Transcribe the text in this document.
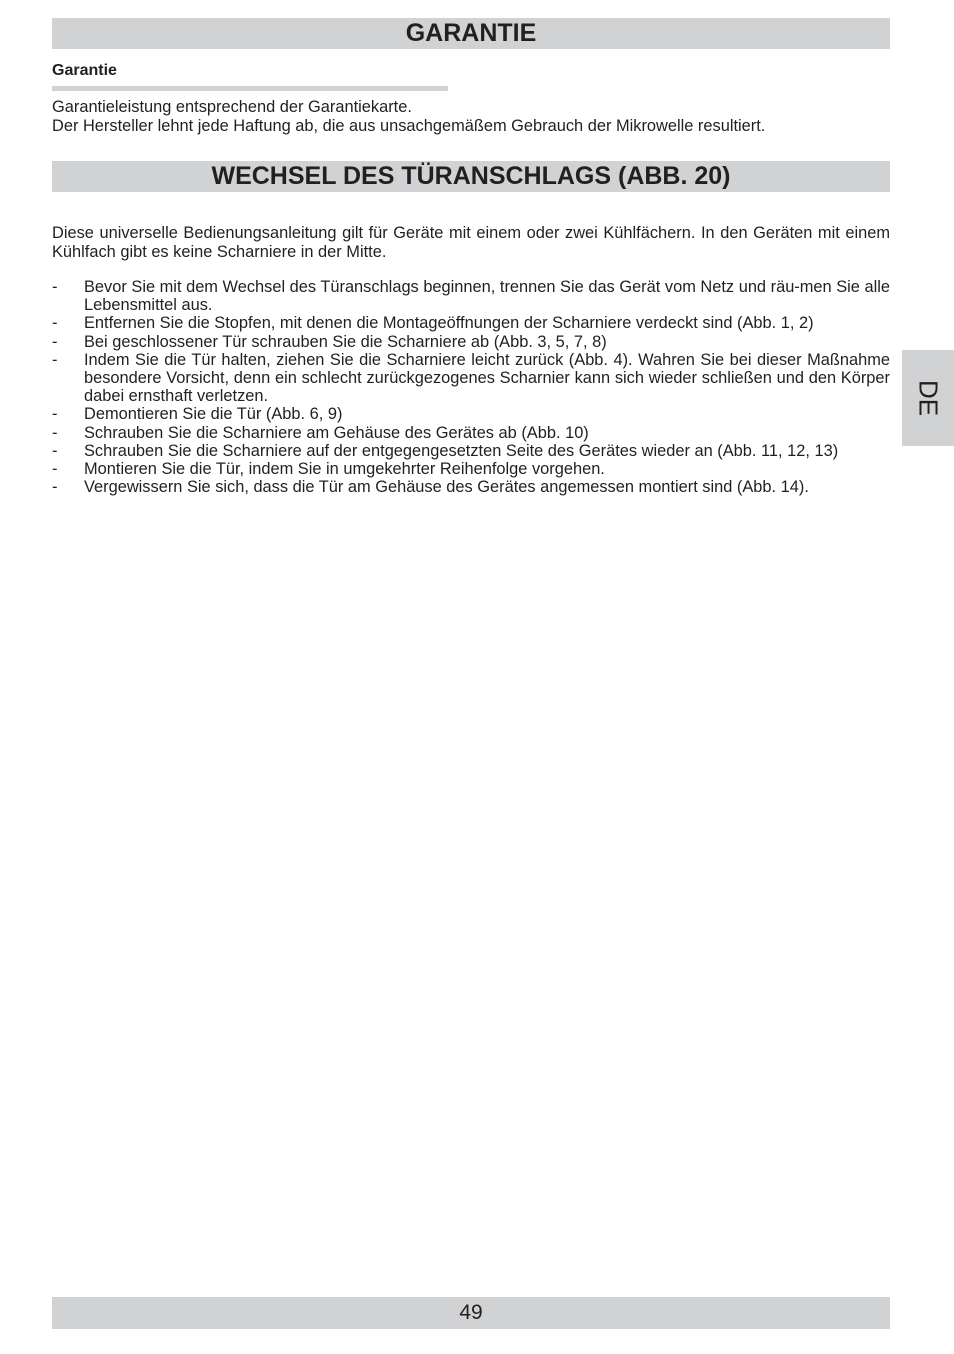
GARANTIE
Garantie

Garantieleistung entsprechend der Garantiekarte.

Der Hersteller lehnt jede Haftung ab, die aus unsachgemäßem Gebrauch der Mikrowelle resultiert.

WECHSEL DES TÜRANSCHLAGS (ABB. 20)

Diese universelle Bedienungsanleitung gilt für Geräte mit einem oder zwei Kühlfächern. In den Geräten mit einem Kühlfach gibt es keine Scharniere in der Mitte.

- Bevor Sie mit dem Wechsel des Türanschlags beginnen, trennen Sie das Gerät vom Netz und räu-men Sie alle Lebensmittel aus.
- Entfernen Sie die Stopfen, mit denen die Montageöffnungen der Scharniere verdeckt sind (Abb. 1, 2)
- Bei geschlossener Tür schrauben Sie die Scharniere ab (Abb. 3, 5, 7, 8)
- Indem Sie die Tür halten, ziehen Sie die Scharniere leicht zurück (Abb. 4). Wahren Sie bei dieser Maßnahme besondere Vorsicht, denn ein schlecht zurückgezogenes Scharnier kann sich wieder schließen und den Körper dabei ernsthaft verletzen.
- Demontieren Sie die Tür (Abb. 6, 9)
- Schrauben Sie die Scharniere am Gehäuse des Gerätes ab (Abb. 10)
- Schrauben Sie die Scharniere auf der entgegengesetzten Seite des Gerätes wieder an (Abb. 11, 12, 13)
- Montieren Sie die Tür, indem Sie in umgekehrter Reihenfolge vorgehen.
- Vergewissern Sie sich, dass die Tür am Gehäuse des Gerätes angemessen montiert sind (Abb. 14).
DE
49
